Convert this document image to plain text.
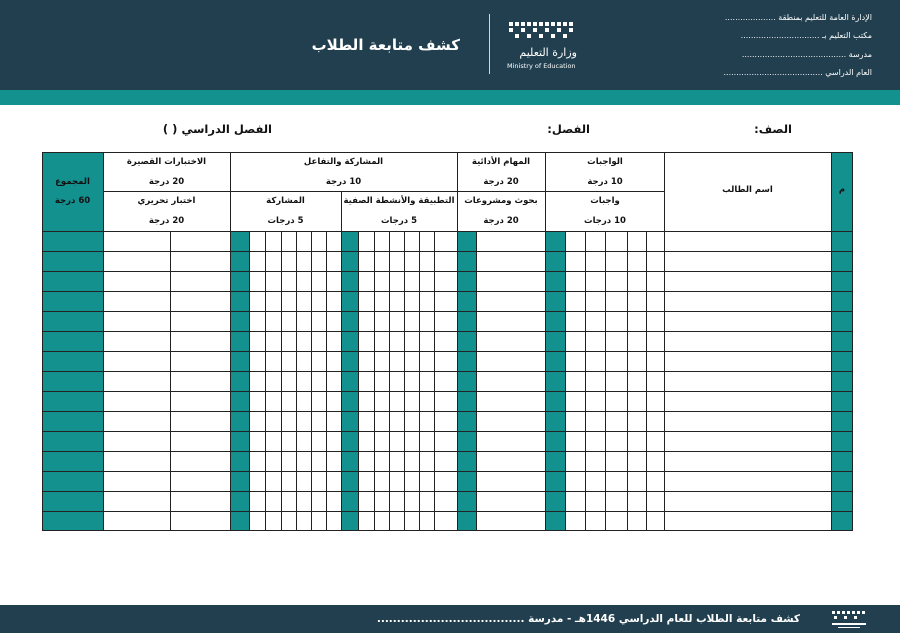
الإدارة العامة للتعليم بمنطقة ....................
مكتب التعليم بـ ...............................
مدرسة .........................................
العام الدراسي .......................................
وزارة التعليم
Ministry of Education
كشف متابعة الطلاب
الصف:
الفصل:
الفصل الدراسي ( )
م
اسم الطالب
الواجبات
10 درجة
واجبات
10 درجات
المهام الأدائية
20 درجة
بحوث ومشروعات
20 درجة
المشاركة والتفاعل
10 درجة
التطبيقة والأنشطة الصفية
5 درجات
المشاركة
5 درجات
الاختبارات القصيرة
20 درجة
اختبار تحريري
20 درجة
المجموع
60 درجة
كشف متابعة الطلاب للعام الدراسي 1446هـ - مدرسة .....................................
